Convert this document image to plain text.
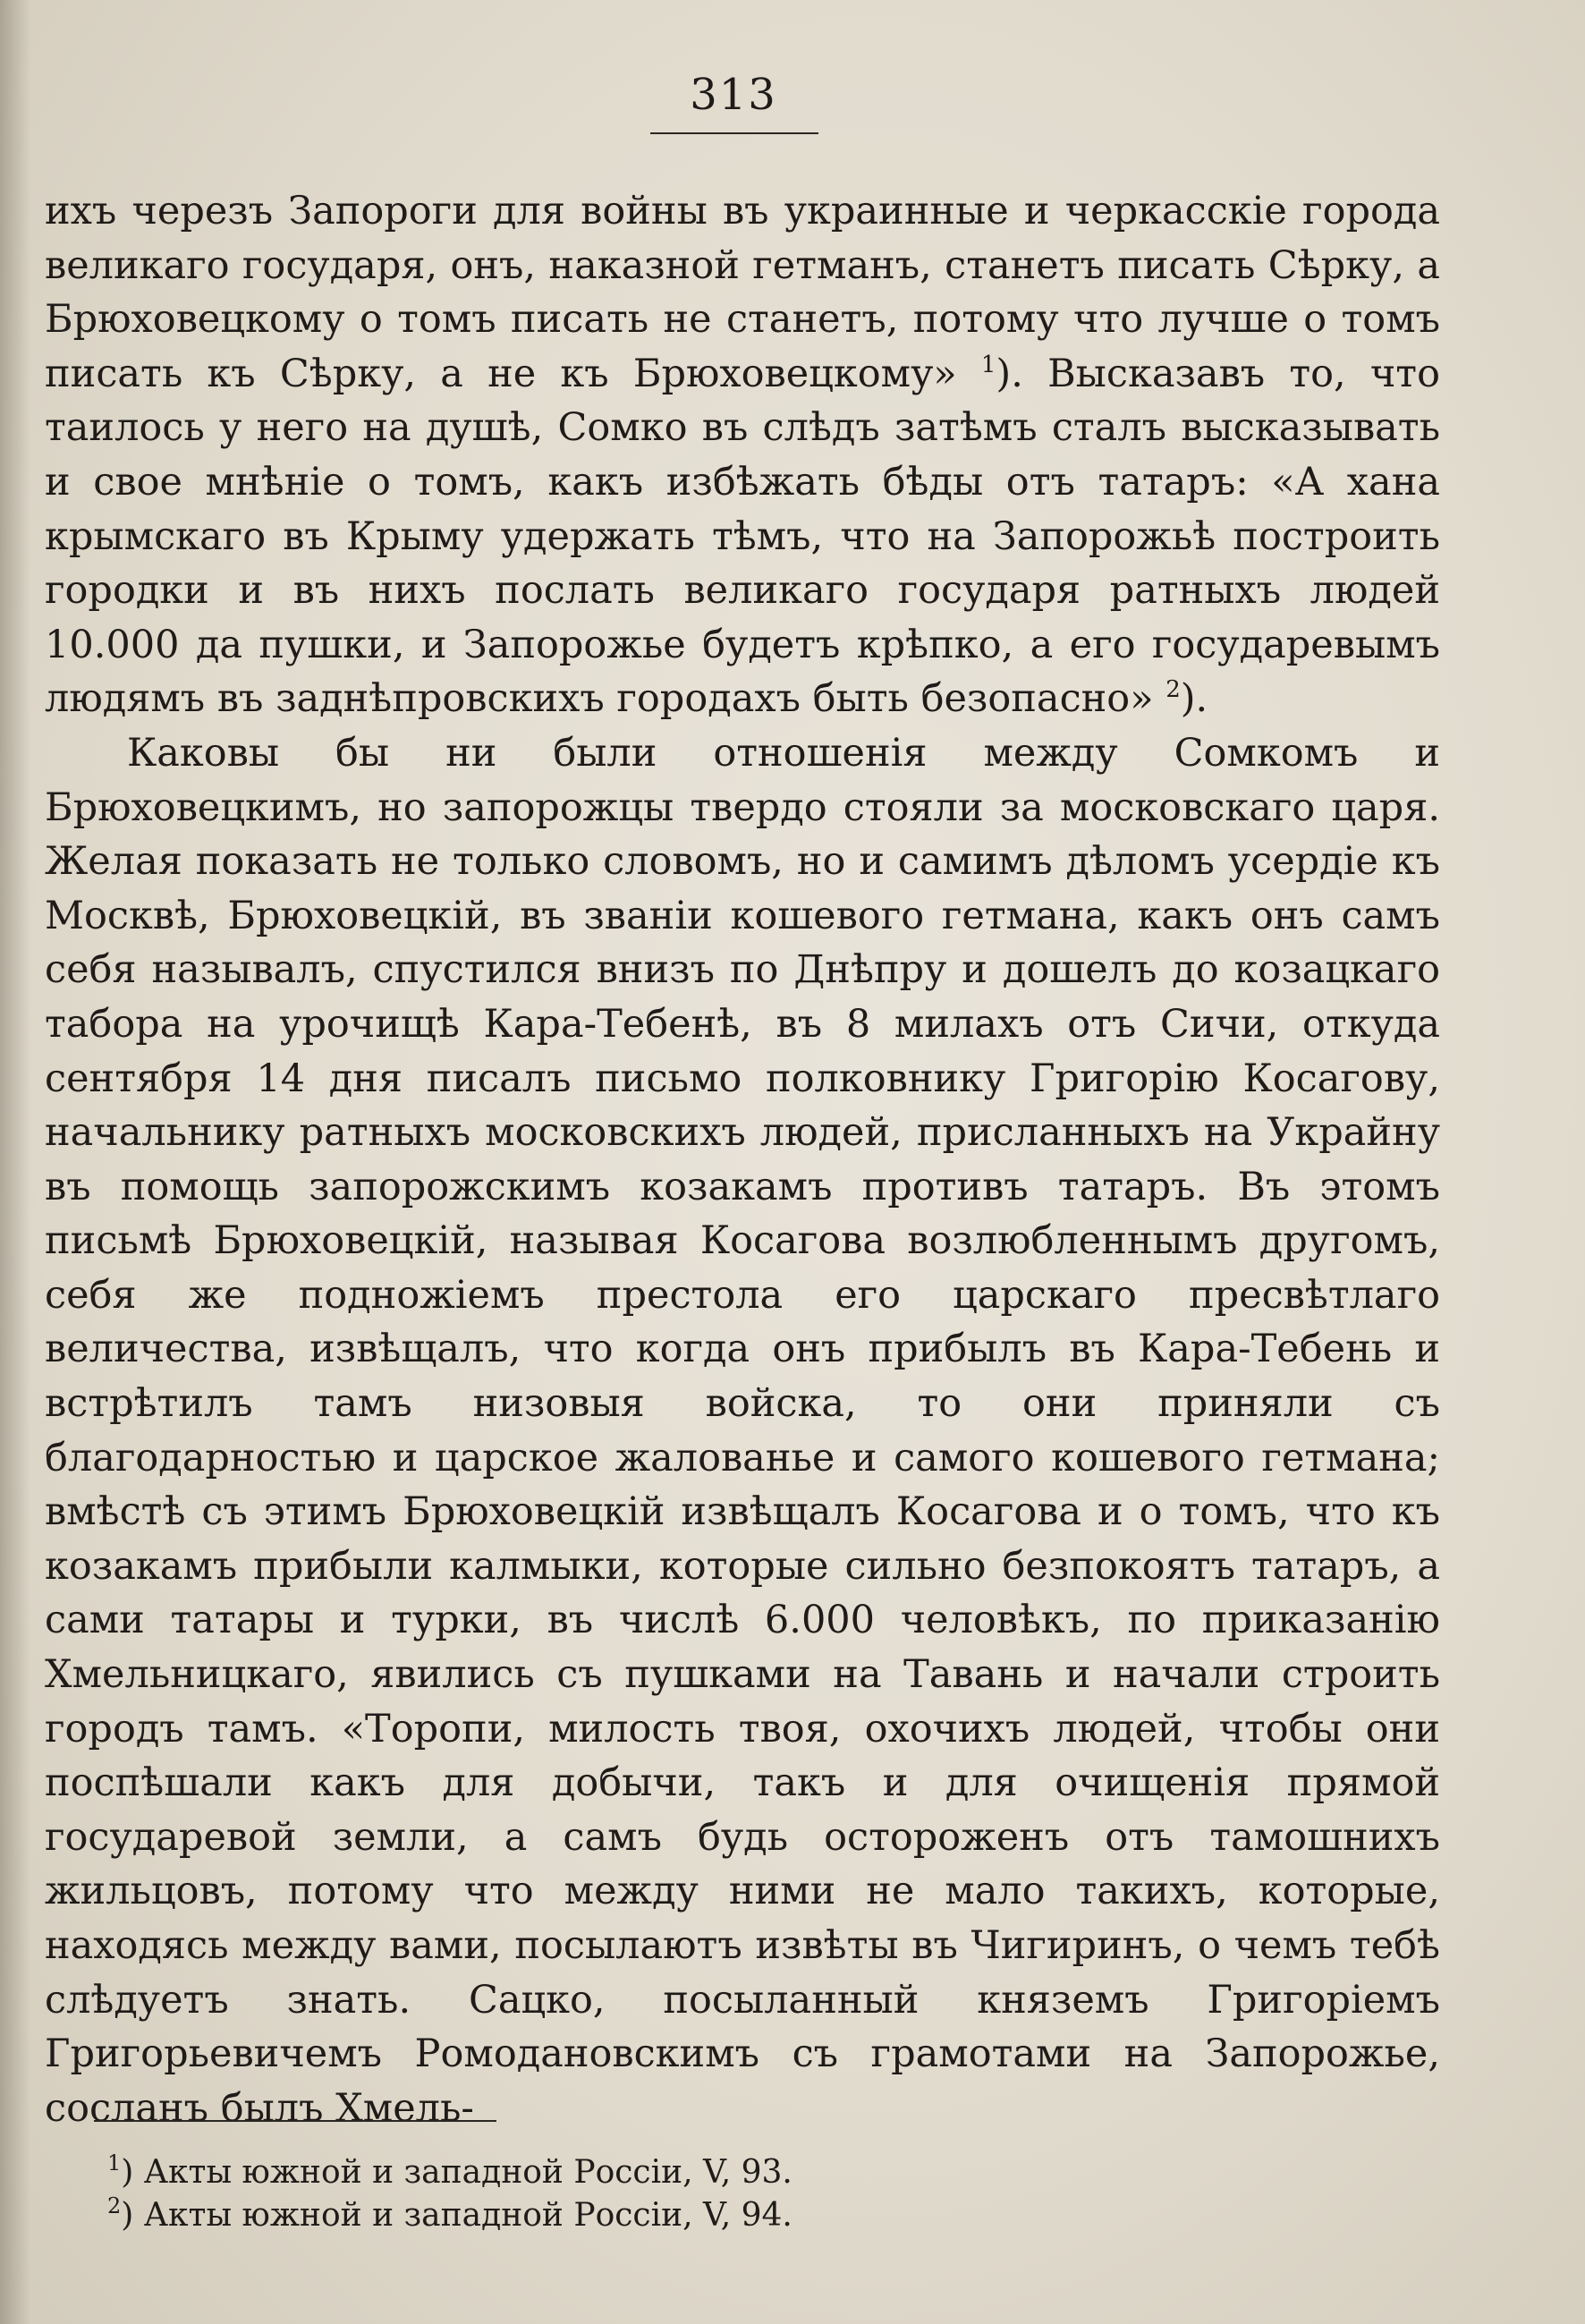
313

ихъ черезъ Запороги для войны въ украинные и черкасскіе города великаго государя, онъ, наказной гетманъ, станетъ писать Сѣрку, а Брюховецкому о томъ писать не станетъ, потому что лучше о томъ писать къ Сѣрку, а не къ Брюховецкому» $^1$). Высказавъ то, что таилось у него на душѣ, Сомко въ слѣдъ затѣмъ сталъ высказывать и свое мнѣніе о томъ, какъ избѣжать бѣды отъ татаръ: «А хана крымскаго въ Крыму удержать тѣмъ, что на Запорожьѣ построить городки и въ нихъ послать великаго государя ратныхъ людей 10.000 да пушки, и Запорожье будетъ крѣпко, а его государевымъ людямъ въ заднѣпровскихъ городахъ быть безопасно» $^2$).

Каковы бы ни были отношенія между Сомкомъ и Брюховецкимъ, но запорожцы твердо стояли за московскаго царя. Желая показать не только словомъ, но и самимъ дѣломъ усердіе къ Москвѣ, Брюховецкій, въ званіи кошевого гетмана, какъ онъ самъ себя называлъ, спустился внизъ по Днѣпру и дошелъ до козацкаго табора на урочищѣ Кара-Тебенѣ, въ 8 милахъ отъ Сичи, откуда сентября 14 дня писалъ письмо полковнику Григорію Косагову, начальнику ратныхъ московскихъ людей, присланныхъ на Украйну въ помощь запорожскимъ козакамъ противъ татаръ. Въ этомъ письмѣ Брюховецкій, называя Косагова возлюбленнымъ другомъ, себя же подножіемъ престола его царскаго пресвѣтлаго величества, извѣщалъ, что когда онъ прибылъ въ Кара-Тебень и встрѣтилъ тамъ низовыя войска, то они приняли съ благодарностью и царское жалованье и самого кошевого гетмана; вмѣстѣ съ этимъ Брюховецкій извѣщалъ Косагова и о томъ, что къ козакамъ прибыли калмыки, которые сильно безпокоятъ татаръ, а сами татары и турки, въ числѣ 6.000 человѣкъ, по приказанію Хмельницкаго, явились съ пушками на Тавань и начали строить городъ тамъ. «Торопи, милость твоя, охочихъ людей, чтобы они поспѣшали какъ для добычи, такъ и для очищенія прямой государевой земли, а самъ будь остороженъ отъ тамошнихъ жильцовъ, потому что между ними не мало такихъ, которые, находясь между вами, посылаютъ извѣты въ Чигиринъ, о чемъ тебѣ слѣдуетъ знать. Сацко, посыланный княземъ Григоріемъ Григорьевичемъ Ромодановскимъ съ грамотами на Запорожье, сосланъ былъ Хмель-

$^1$) Акты южной и западной Россіи, V, 93.

$^2$) Акты южной и западной Россіи, V, 94.
